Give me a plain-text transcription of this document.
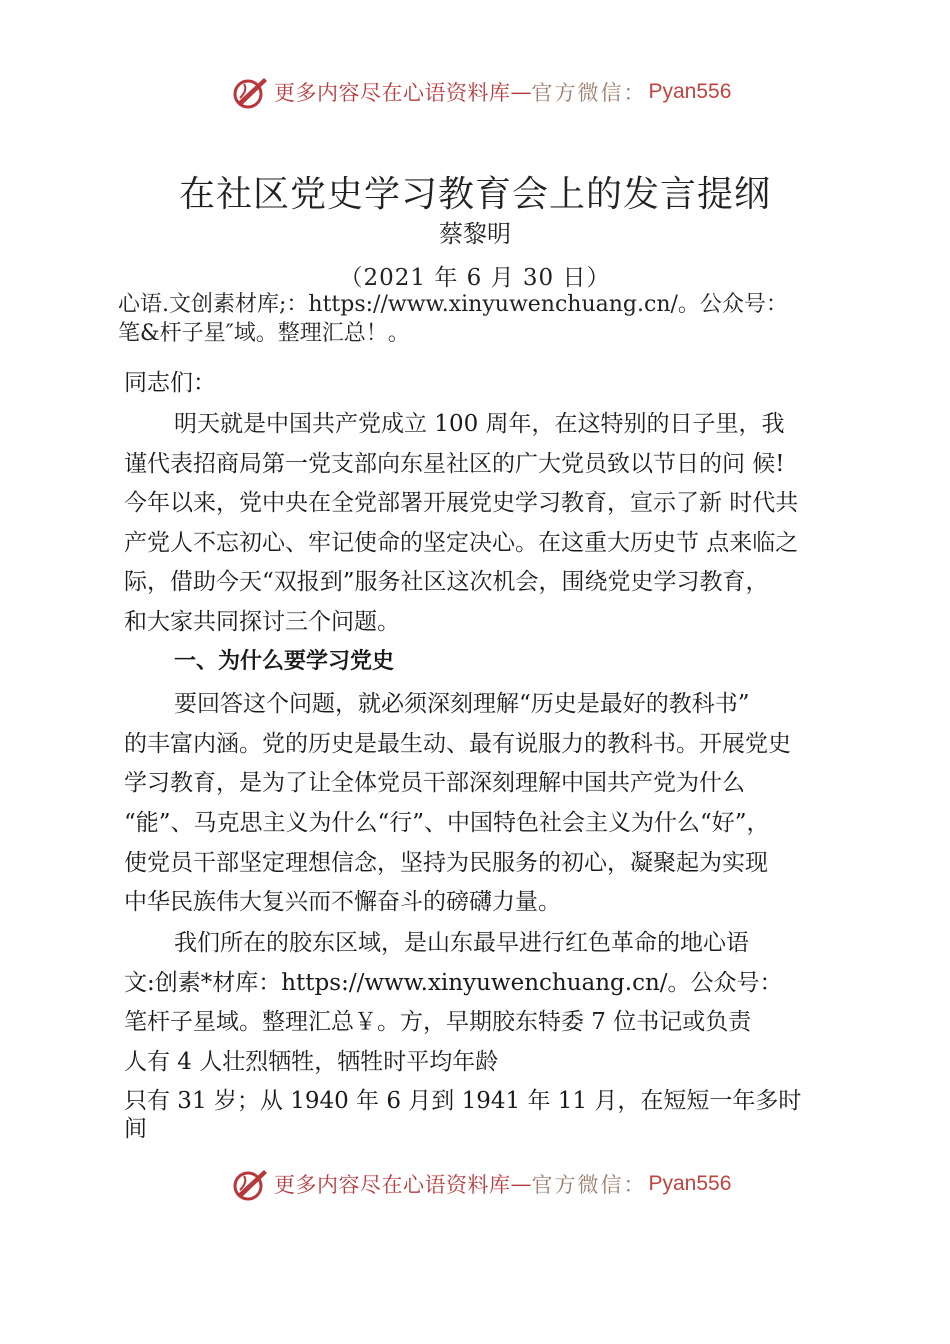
更多内容尽在心语资料库 — 官方微信： Pyan556
在社区党史学习教育会上的发言提纲
蔡黎明
（2021 年 6 月 30 日）
心语.文创素材库;：https://www.xinyuwenchuang.cn/。公众号：
笔&杆子星″域。整理汇总！。
同志们：
明天就是中国共产党成立 100 周年，在这特别的日子里，我
谨代表招商局第一党支部向东星社区的广大党员致以节日的问 候!
今年以来，党中央在全党部署开展党史学习教育，宣示了新 时代共
产党人不忘初心、牢记使命的坚定决心。在这重大历史节 点来临之
际，借助今天“双报到”服务社区这次机会，围绕党史学习教育，
和大家共同探讨三个问题。
一、为什么要学习党史
要回答这个问题，就必须深刻理解“历史是最好的教科书”
的丰富内涵。党的历史是最生动、最有说服力的教科书。开展党史
学习教育，是为了让全体党员干部深刻理解中国共产党为什么
“能”、马克思主义为什么“行”、中国特色社会主义为什么“好”，
使党员干部坚定理想信念，坚持为民服务的初心，凝聚起为实现
中华民族伟大复兴而不懈奋斗的磅礴力量。
我们所在的胶东区域，是山东最早进行红色革命的地心语
文:创素*材库：https://www.xinyuwenchuang.cn/。公众号：
笔杆子星域。整理汇总￥。方，早期胶东特委 7 位书记或负责
人有 4 人壮烈牺牲，牺牲时平均年龄
只有 31 岁；从 1940 年 6 月到 1941 年 11 月，在短短一年多时
间
更多内容尽在心语资料库 — 官方微信： Pyan556
